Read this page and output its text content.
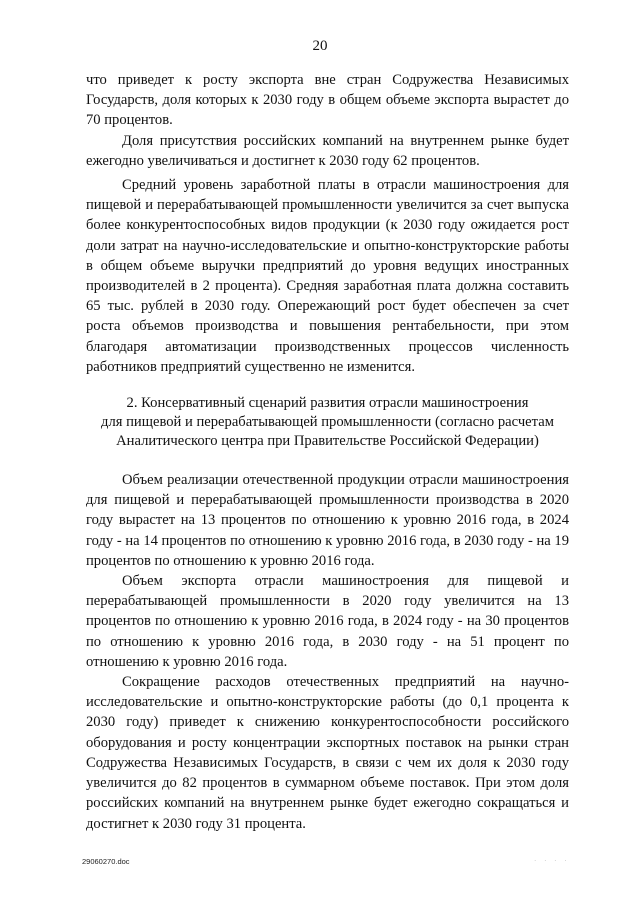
20

что приведет к росту экспорта вне стран Содружества Независимых Государств, доля которых к 2030 году в общем объеме экспорта вырастет до 70 процентов.

Доля присутствия российских компаний на внутреннем рынке будет ежегодно увеличиваться и достигнет к 2030 году 62 процентов.

Средний уровень заработной платы в отрасли машиностроения для пищевой и перерабатывающей промышленности увеличится за счет выпуска более конкурентоспособных видов продукции (к 2030 году ожидается рост доли затрат на научно-исследовательские и опытно-конструкторские работы в общем объеме выручки предприятий до уровня ведущих иностранных производителей в 2 процента). Средняя заработная плата должна составить 65 тыс. рублей в 2030 году. Опережающий рост будет обеспечен за счет роста объемов производства и повышения рентабельности, при этом благодаря автоматизации производственных процессов численность работников предприятий существенно не изменится.

2. Консервативный сценарий развития отрасли машиностроения
для пищевой и перерабатывающей промышленности (согласно расчетам
Аналитического центра при Правительстве Российской Федерации)

Объем реализации отечественной продукции отрасли машиностроения для пищевой и перерабатывающей промышленности производства в 2020 году вырастет на 13 процентов по отношению к уровню 2016 года, в 2024 году - на 14 процентов по отношению к уровню 2016 года, в 2030 году - на 19 процентов по отношению к уровню 2016 года.

Объем экспорта отрасли машиностроения для пищевой и перерабатывающей промышленности в 2020 году увеличится на 13 процентов по отношению к уровню 2016 года, в 2024 году - на 30 процентов по отношению к уровню 2016 года, в 2030 году - на 51 процент по отношению к уровню 2016 года.

Сокращение расходов отечественных предприятий на научно-исследовательские и опытно-конструкторские работы (до 0,1 процента к 2030 году) приведет к снижению конкурентоспособности российского оборудования и росту концентрации экспортных поставок на рынки стран Содружества Независимых Государств, в связи с чем их доля к 2030 году увеличится до 82 процентов в суммарном объеме поставок. При этом доля российских компаний на внутреннем рынке будет ежегодно сокращаться и достигнет к 2030 году 31 процента.

29060270.doc	· · · ·
